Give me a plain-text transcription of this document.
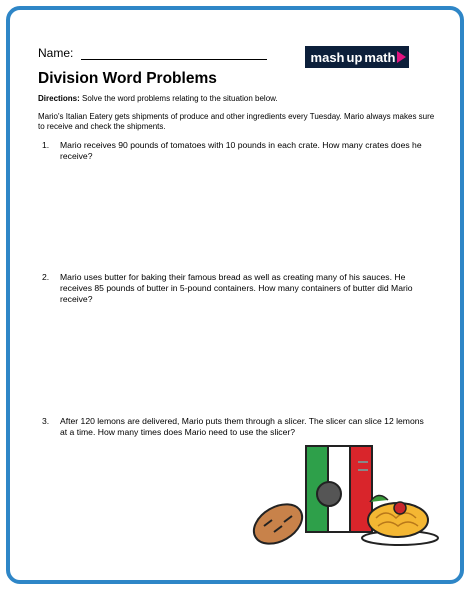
Name:	mash up math
Division Word Problems
Directions: Solve the word problems relating to the situation below.
Mario's Italian Eatery gets shipments of produce and other ingredients every Tuesday. Mario always makes sure to receive and check the shipments.
1. Mario receives 90 pounds of tomatoes with 10 pounds in each crate. How many crates does he receive?
2. Mario uses butter for baking their famous bread as well as creating many of his sauces. He receives 85 pounds of butter in 5-pound containers. How many containers of butter did Mario receive?
3. After 120 lemons are delivered, Mario puts them through a slicer. The slicer can slice 12 lemons at a time. How many times does Mario need to use the slicer?
